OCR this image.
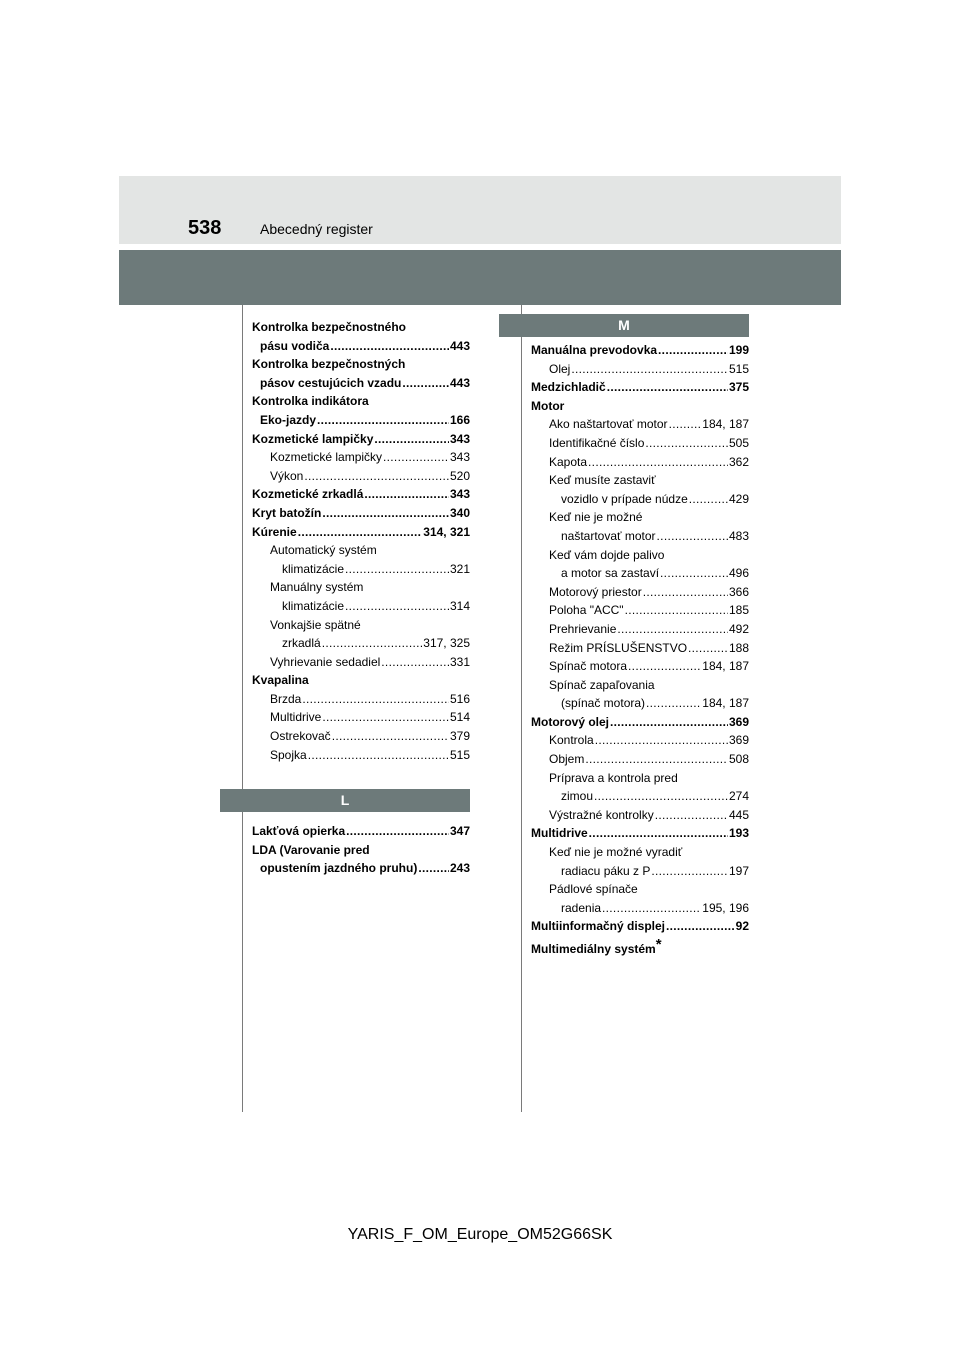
538	Abecedný register
Kontrolka bezpečnostného
pásu vodiča .....	443
Kontrolka bezpečnostných
pásov cestujúcich vzadu .....	443
Kontrolka indikátora
Eko-jazdy .....	166
Kozmetické lampičky .....	343
Kozmetické lampičky .....	343
Výkon .....	520
Kozmetické zrkadlá .....	343
Kryt batožín .....	340
Kúrenie .....	314, 321
Automatický systém
klimatizácie .....	321
Manuálny systém
klimatizácie .....	314
Vonkajšie spätné
zrkadlá .....	317, 325
Vyhrievanie sedadiel .....	331
Kvapalina
Brzda .....	516
Multidrive .....	514
Ostrekovač .....	379
Spojka .....	515
L
Lakťová opierka .....	347
LDA (Varovanie pred
opustením jazdného pruhu) .....	243
M
Manuálna prevodovka .....	199
Olej .....	515
Medzichladič .....	375
Motor
Ako naštartovať motor .....	184, 187
Identifikačné číslo .....	505
Kapota .....	362
Keď musíte zastaviť
vozidlo v prípade núdze .....	429
Keď nie je možné
naštartovať motor .....	483
Keď vám dojde palivo
a motor sa zastaví .....	496
Motorový priestor .....	366
Poloha "ACC" .....	185
Prehrievanie .....	492
Režim PRÍSLUŠENSTVO .....	188
Spínač motora .....	184, 187
Spínač zapaľovania
(spínač motora) .....	184, 187
Motorový olej .....	369
Kontrola .....	369
Objem .....	508
Príprava a kontrola pred
zimou .....	274
Výstražné kontrolky .....	445
Multidrive .....	193
Keď nie je možné vyradiť
radiacu páku z P .....	197
Pádlové spínače
radenia .....	195, 196
Multiinformačný displej .....	92
Multimediálny systém*
YARIS_F_OM_Europe_OM52G66SK
